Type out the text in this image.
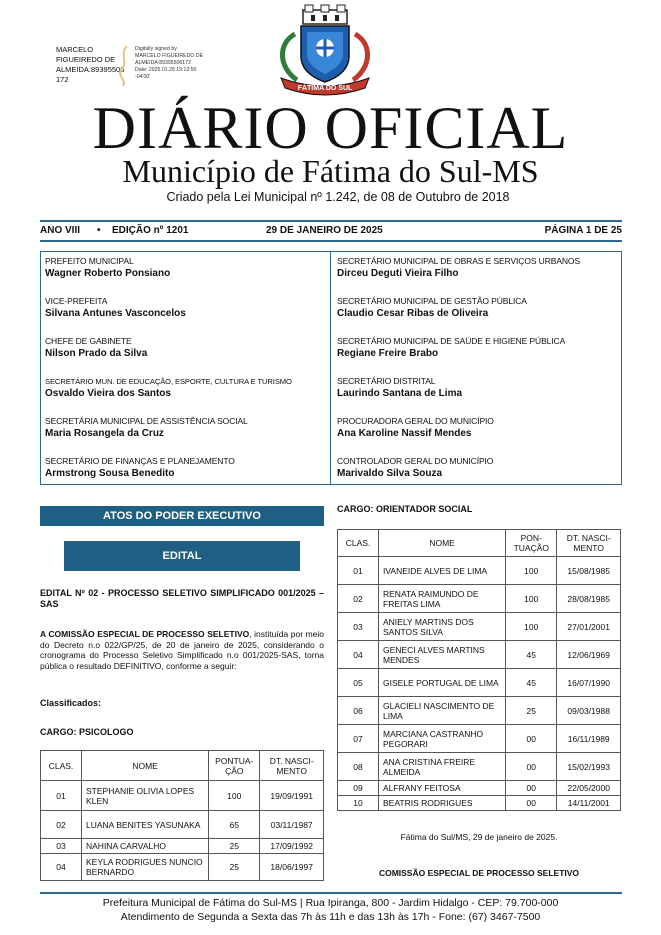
MARCELO
FIGUEIREDO DE
ALMEIDA:89395506
172
Digitally signed by
MARCELO FIGUEIREDO DE
ALMEIDA:89395506172
Date: 2025.01.29 19:13:50
-04'00'
FÁTIMA DO SUL
DIÁRIO OFICIAL
Município de Fátima do Sul-MS
Criado pela Lei Municipal nº 1.242, de 08 de Outubro de 2018
ANO VIII • EDIÇÃO nº 1201	29 DE JANEIRO DE 2025	PÁGINA 1 DE 25
PREFEITO MUNICIPAL
Wagner Roberto Ponsiano
VICE-PREFEITA
Silvana Antunes Vasconcelos
CHEFE DE GABINETE
Nilson Prado da Silva
SECRETÁRIO MUN. DE EDUCAÇÃO, ESPORTE, CULTURA E TURISMO
Osvaldo Vieira dos Santos
SECRETÁRIA MUNICIPAL DE ASSISTÊNCIA SOCIAL
Maria Rosangela da Cruz
SECRETÁRIO DE FINANÇAS E PLANEJAMENTO
Armstrong Sousa Benedito
SECRETÁRIO MUNICIPAL DE OBRAS E SERVIÇOS URBANOS
Dirceu Deguti Vieira Filho
SECRETÁRIO MUNICIPAL DE GESTÃO PÚBLICA
Claudio Cesar Ribas de Oliveira
SECRETÁRIO MUNICIPAL DE SAÚDE E HIGIENE PÚBLICA
Regiane Freire Brabo
SECRETÁRIO DISTRITAL
Laurindo Santana de Lima
PROCURADORA GERAL DO MUNICÍPIO
Ana Karoline Nassif Mendes
CONTROLADOR GERAL DO MUNICÍPIO
Marivaldo Silva Souza
ATOS DO PODER EXECUTIVO
EDITAL
EDITAL Nº 02 - PROCESSO SELETIVO SIMPLIFICADO 001/2025 – SAS
A COMISSÃO ESPECIAL DE PROCESSO SELETIVO, instituída por meio do Decreto n.o 022/GP/25, de 20 de janeiro de 2025, considerando o cronograma do Processo Seletivo Simplificado n.o 001/2025-SAS, torna pública o resultado DEFINITIVO, conforme a seguir:
Classificados:
CARGO: PSICOLOGO
CLAS.	NOME	PONTUA-ÇÃO	DT. NASCI-MENTO
01	STEPHANIE OLIVIA LOPES KLEN	100	19/09/1991
02	LUANA BENITES YASUNAKA	65	03/11/1987
03	NAHINA CARVALHO	25	17/09/1992
04	KEYLA RODRIGUES NUNCIO BERNARDO	25	18/06/1997
CARGO: ORIENTADOR SOCIAL
CLAS.	NOME	PON-TUAÇÃO	DT. NASCI-MENTO
01	IVANEIDE ALVES DE LIMA	100	15/08/1985
02	RENATA RAIMUNDO DE FREITAS LIMA	100	28/08/1985
03	ANIELY MARTINS DOS SANTOS SILVA	100	27/01/2001
04	GENECI ALVES MARTINS MENDES	45	12/06/1969
05	GISELE PORTUGAL DE LIMA	45	16/07/1990
06	GLACIELI NASCIMENTO DE LIMA	25	09/03/1988
07	MARCIANA CASTRANHO PEGORARI	00	16/11/1989
08	ANA CRISTINA FREIRE ALMEIDA	00	15/02/1993
09	ALFRANY FEITOSA	00	22/05/2000
10	BEATRIS RODRIGUES	00	14/11/2001
Fátima do Sul/MS, 29 de janeiro de 2025.
COMISSÃO ESPECIAL DE PROCESSO SELETIVO
Prefeitura Municipal de Fátima do Sul-MS | Rua Ipiranga, 800 - Jardim Hidalgo - CEP: 79.700-000
Atendimento de Segunda a Sexta das 7h às 11h e das 13h às 17h - Fone: (67) 3467-7500
